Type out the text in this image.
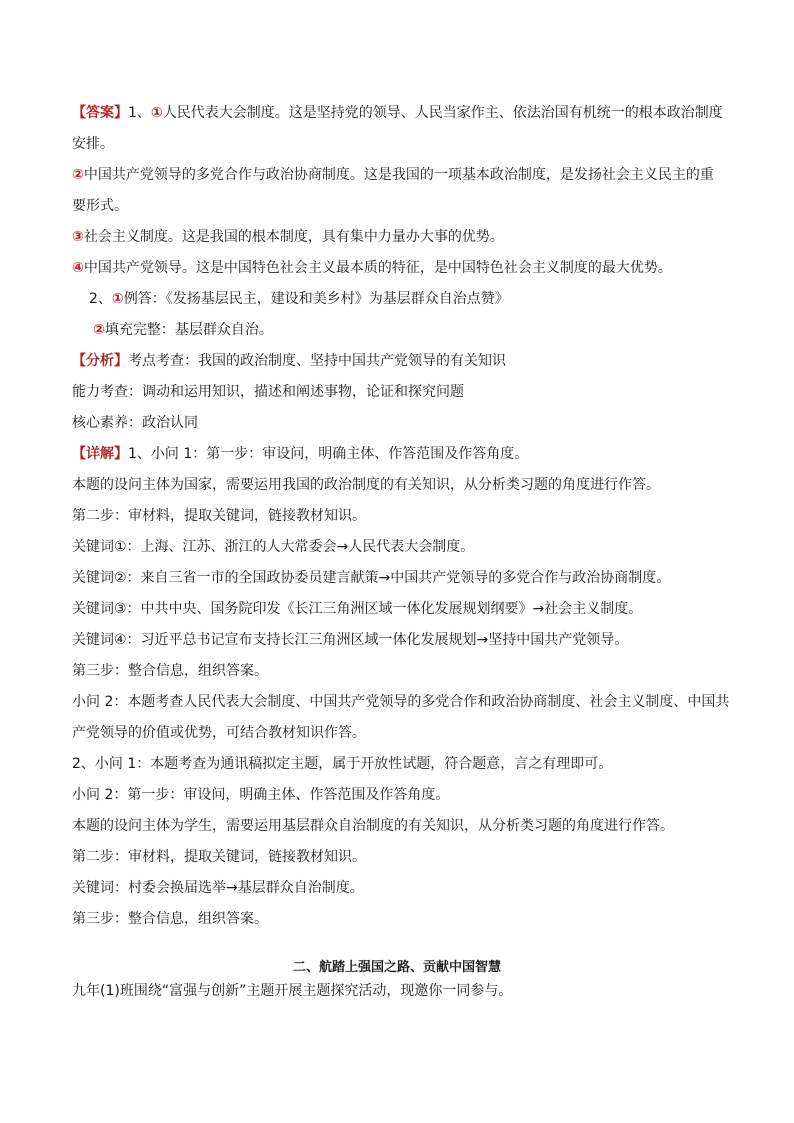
【答案】1、①人民代表大会制度。这是坚持党的领导、人民当家作主、依法治国有机统一的根本政治制度
安排。
②中国共产党领导的多党合作与政治协商制度。这是我国的一项基本政治制度，是发扬社会主义民主的重
要形式。
③社会主义制度。这是我国的根本制度，具有集中力量办大事的优势。
④中国共产党领导。这是中国特色社会主义最本质的特征，是中国特色社会主义制度的最大优势。
2、①例答：《发扬基层民主，建设和美乡村》为基层群众自治点赞》
②填充完整：基层群众自治。
【分析】考点考查：我国的政治制度、坚持中国共产党领导的有关知识
能力考查：调动和运用知识，描述和阐述事物，论证和探究问题
核心素养：政治认同
【详解】1、小问 1：第一步：审设问，明确主体、作答范围及作答角度。
本题的设问主体为国家，需要运用我国的政治制度的有关知识，从分析类习题的角度进行作答。
第二步：审材料，提取关键词，链接教材知识。
关键词①：上海、江苏、浙江的人大常委会→人民代表大会制度。
关键词②：来自三省一市的全国政协委员建言献策→中国共产党领导的多党合作与政治协商制度。
关键词③：中共中央、国务院印发《长江三角洲区域一体化发展规划纲要》→社会主义制度。
关键词④：习近平总书记宣布支持长江三角洲区域一体化发展规划→坚持中国共产党领导。
第三步：整合信息，组织答案。
小问 2：本题考查人民代表大会制度、中国共产党领导的多党合作和政治协商制度、社会主义制度、中国共
产党领导的价值或优势，可结合教材知识作答。
2、小问 1：本题考查为通讯稿拟定主题，属于开放性试题，符合题意，言之有理即可。
小问 2：第一步：审设问，明确主体、作答范围及作答角度。
本题的设问主体为学生，需要运用基层群众自治制度的有关知识，从分析类习题的角度进行作答。
第二步：审材料，提取关键词，链接教材知识。
关键词：村委会换届选举→基层群众自治制度。
第三步：整合信息，组织答案。
二、航踏上强国之路、贡献中国智慧
九年(1)班围绕“富强与创新”主题开展主题探究活动，现邀你一同参与。
